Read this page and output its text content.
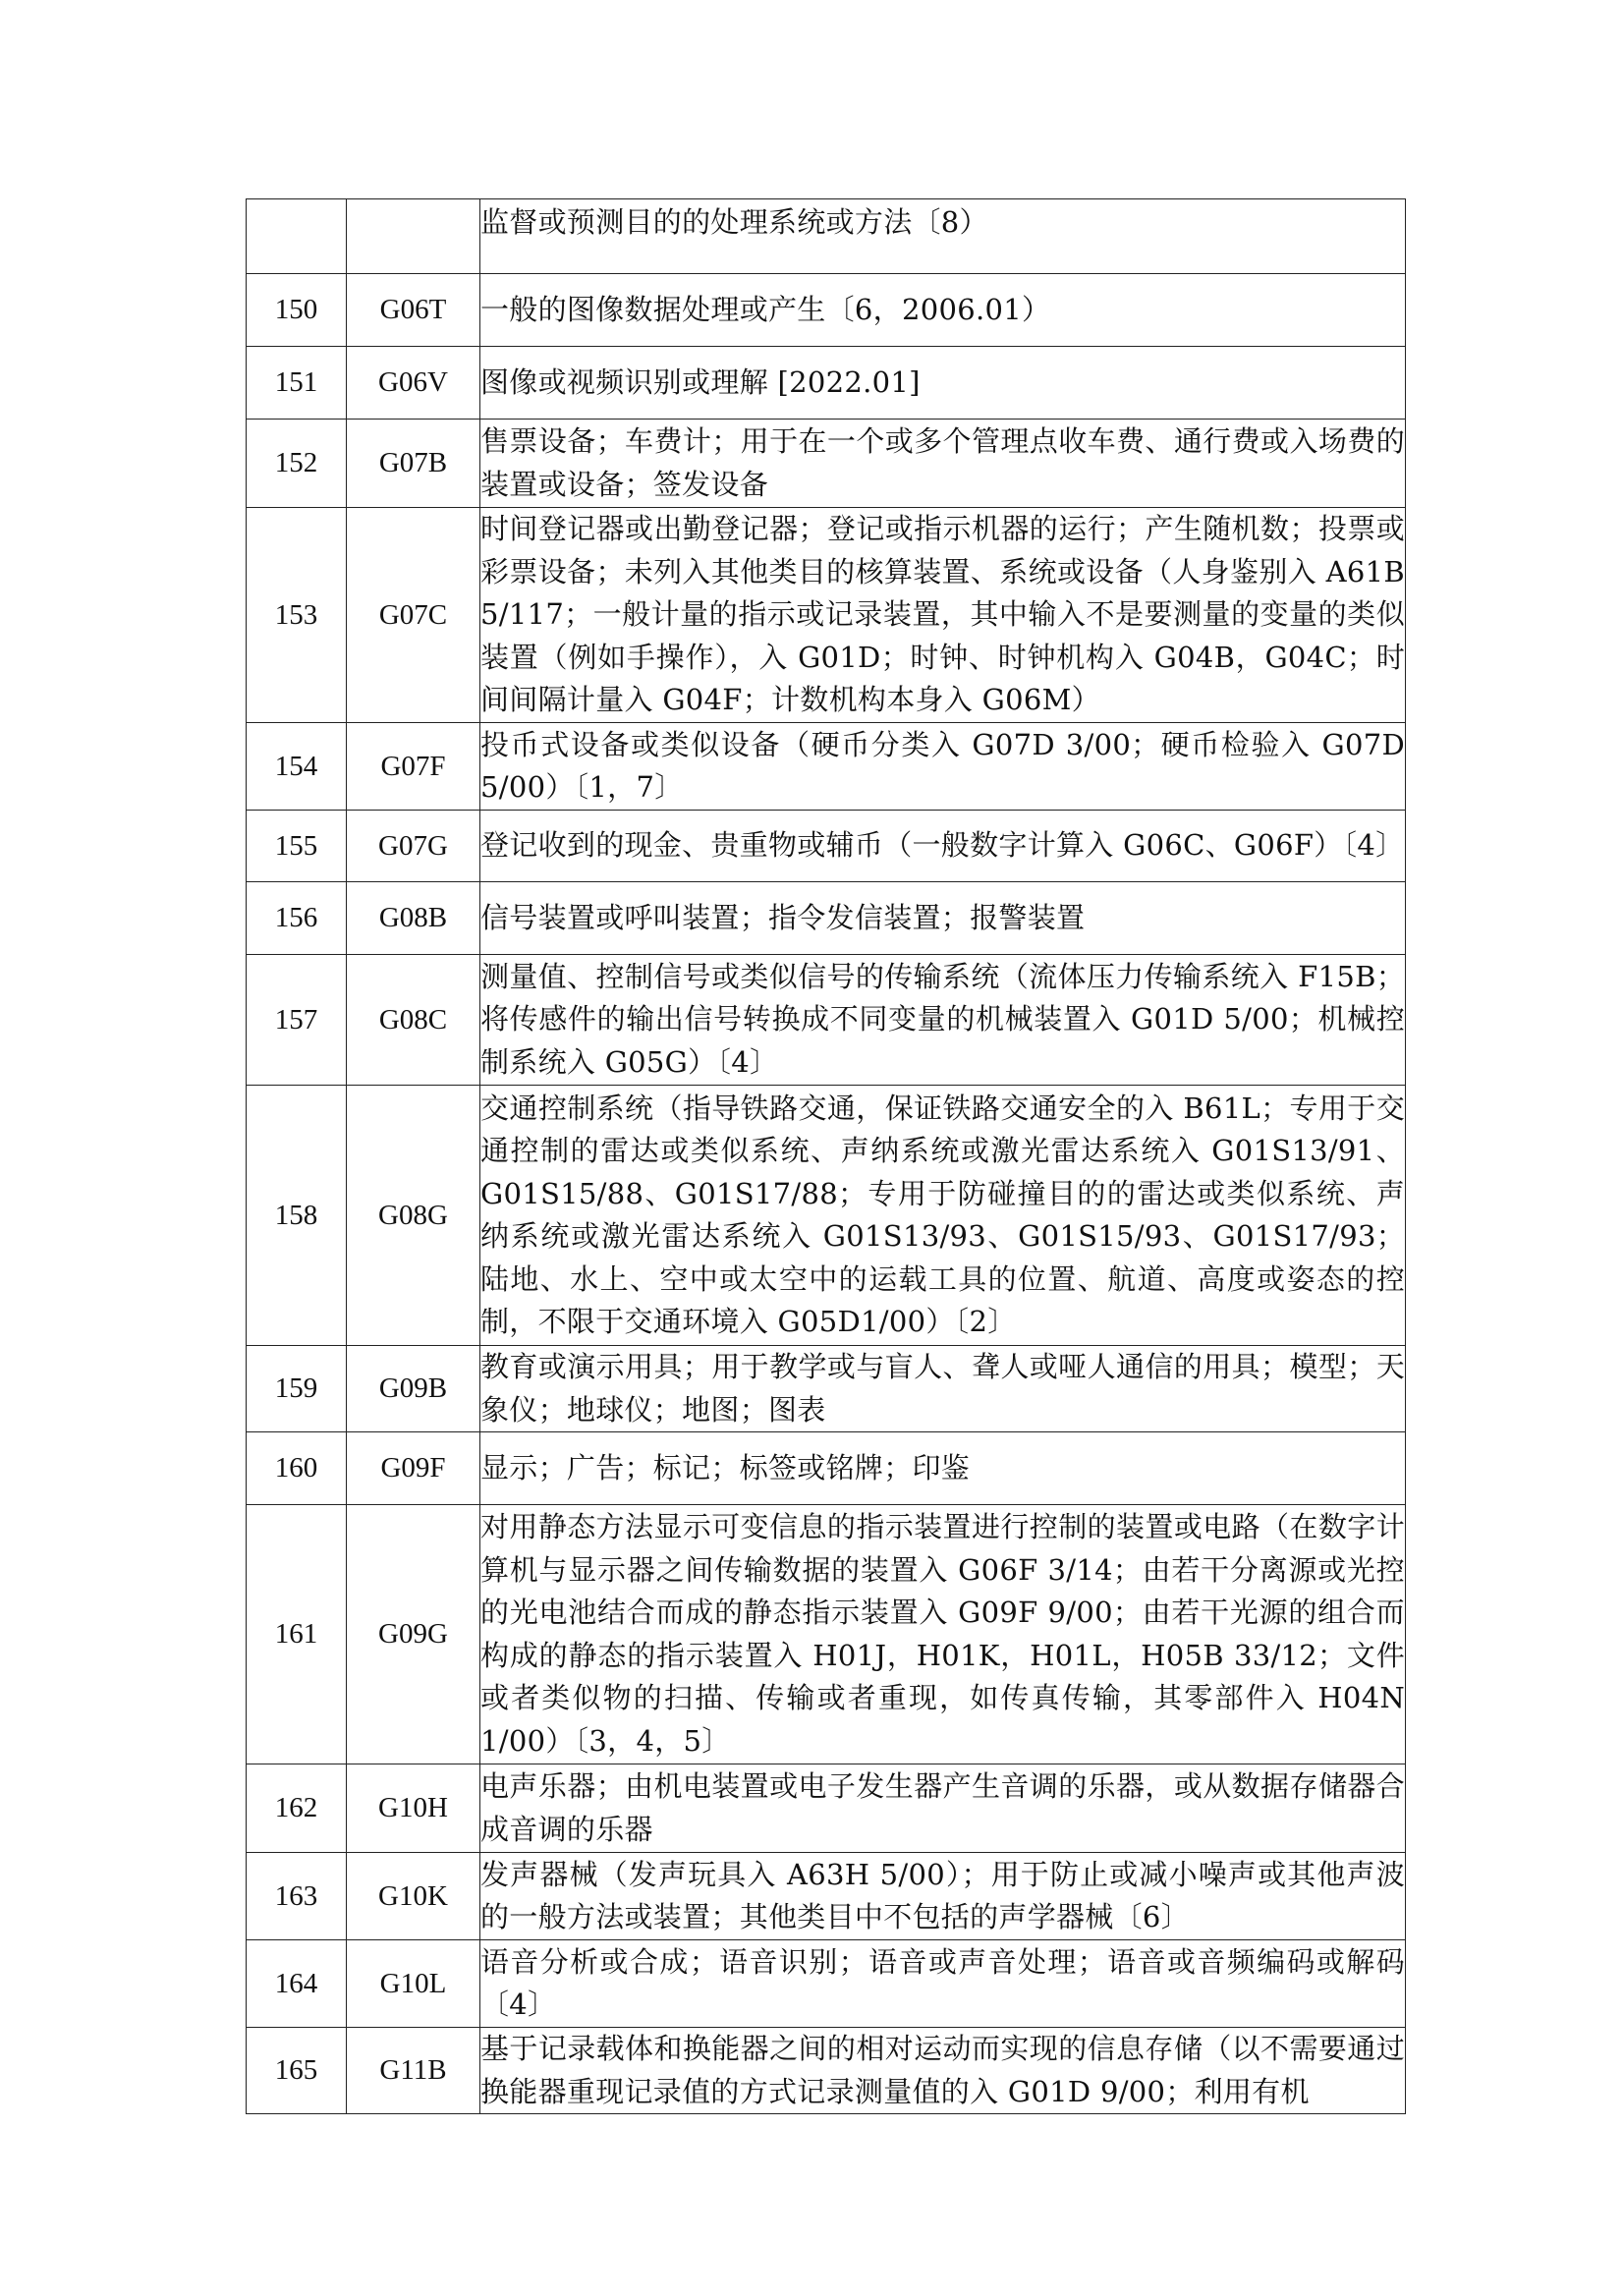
		监督或预测目的的处理系统或方法〔8）
150	G06T	一般的图像数据处理或产生〔6，2006.01）
151	G06V	图像或视频识别或理解 [2022.01]
152	G07B	售票设备；车费计；用于在一个或多个管理点收车费、通行费或入场费的装置或设备；签发设备
153	G07C	时间登记器或出勤登记器；登记或指示机器的运行；产生随机数；投票或彩票设备；未列入其他类目的核算装置、系统或设备（人身鉴别入 A61B 5/117；一般计量的指示或记录装置，其中输入不是要测量的变量的类似装置（例如手操作），入 G01D；时钟、时钟机构入 G04B，G04C；时间间隔计量入 G04F；计数机构本身入 G06M）
154	G07F	投币式设备或类似设备（硬币分类入 G07D 3/00；硬币检验入 G07D 5/00）〔1，7〕
155	G07G	登记收到的现金、贵重物或辅币（一般数字计算入 G06C、G06F）〔4〕
156	G08B	信号装置或呼叫装置；指令发信装置；报警装置
157	G08C	测量值、控制信号或类似信号的传输系统（流体压力传输系统入 F15B；将传感件的输出信号转换成不同变量的机械装置入 G01D 5/00；机械控制系统入 G05G）〔4〕
158	G08G	交通控制系统（指导铁路交通，保证铁路交通安全的入 B61L；专用于交通控制的雷达或类似系统、声纳系统或激光雷达系统入 G01S13/91、G01S15/88、G01S17/88；专用于防碰撞目的的雷达或类似系统、声纳系统或激光雷达系统入 G01S13/93、G01S15/93、G01S17/93；陆地、水上、空中或太空中的运载工具的位置、航道、高度或姿态的控制，不限于交通环境入 G05D1/00）〔2〕
159	G09B	教育或演示用具；用于教学或与盲人、聋人或哑人通信的用具；模型；天象仪；地球仪；地图；图表
160	G09F	显示；广告；标记；标签或铭牌；印鉴
161	G09G	对用静态方法显示可变信息的指示装置进行控制的装置或电路（在数字计算机与显示器之间传输数据的装置入 G06F 3/14；由若干分离源或光控的光电池结合而成的静态指示装置入 G09F 9/00；由若干光源的组合而构成的静态的指示装置入 H01J，H01K，H01L，H05B 33/12；文件或者类似物的扫描、传输或者重现，如传真传输，其零部件入 H04N 1/00）〔3，4，5〕
162	G10H	电声乐器；由机电装置或电子发生器产生音调的乐器，或从数据存储器合成音调的乐器
163	G10K	发声器械（发声玩具入 A63H 5/00）；用于防止或减小噪声或其他声波的一般方法或装置；其他类目中不包括的声学器械〔6〕
164	G10L	语音分析或合成；语音识别；语音或声音处理；语音或音频编码或解码〔4〕
165	G11B	基于记录载体和换能器之间的相对运动而实现的信息存储（以不需要通过换能器重现记录值的方式记录测量值的入 G01D 9/00；利用有机
